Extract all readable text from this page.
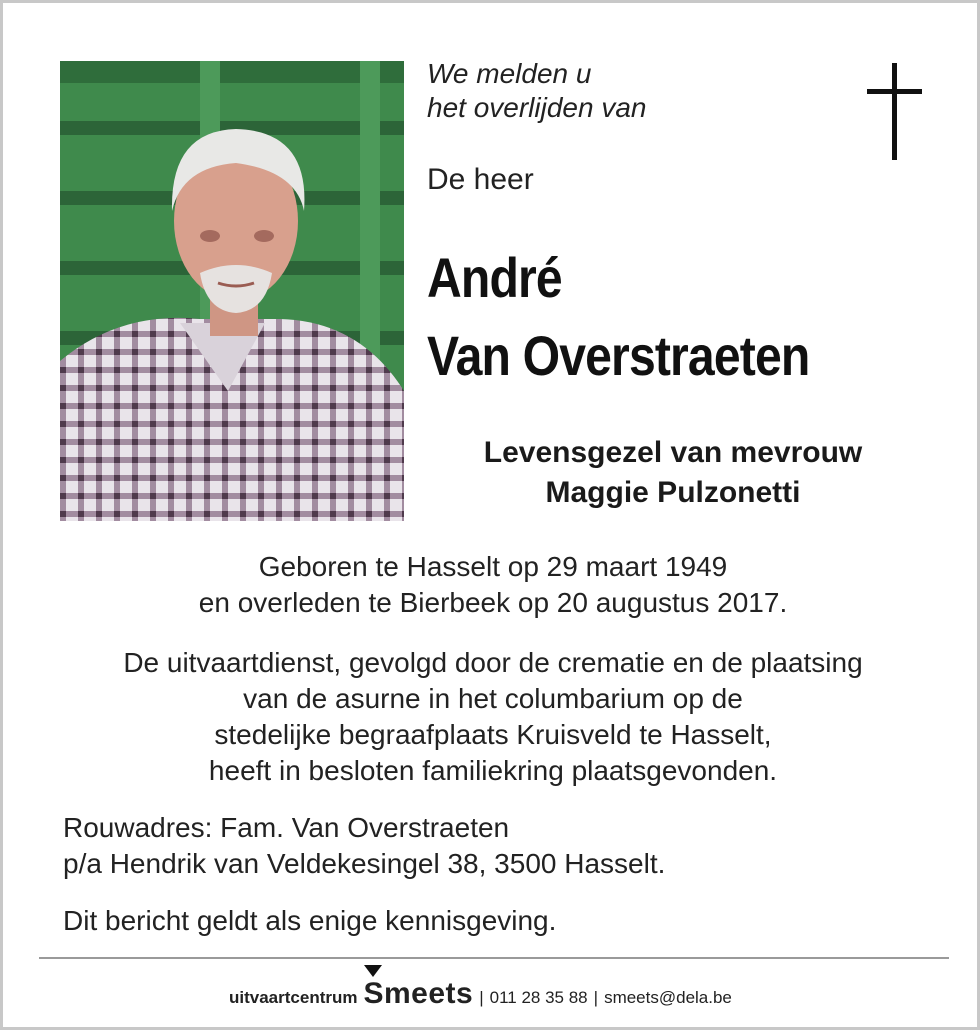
We melden u
het overlijden van
De heer
André
Van Overstraeten
Levensgezel van mevrouw
Maggie Pulzonetti
Geboren te Hasselt op 29 maart 1949
en overleden te Bierbeek op 20 augustus 2017.
De uitvaartdienst, gevolgd door de crematie en de plaatsing
van de asurne in het columbarium op de
stedelijke begraafplaats Kruisveld te Hasselt,
heeft in besloten familiekring plaatsgevonden.
Rouwadres: Fam. Van Overstraeten
p/a Hendrik van Veldekesingel 38, 3500 Hasselt.
Dit bericht geldt als enige kennisgeving.
uitvaartcentrum Smeets | 011 28 35 88 | smeets@dela.be
